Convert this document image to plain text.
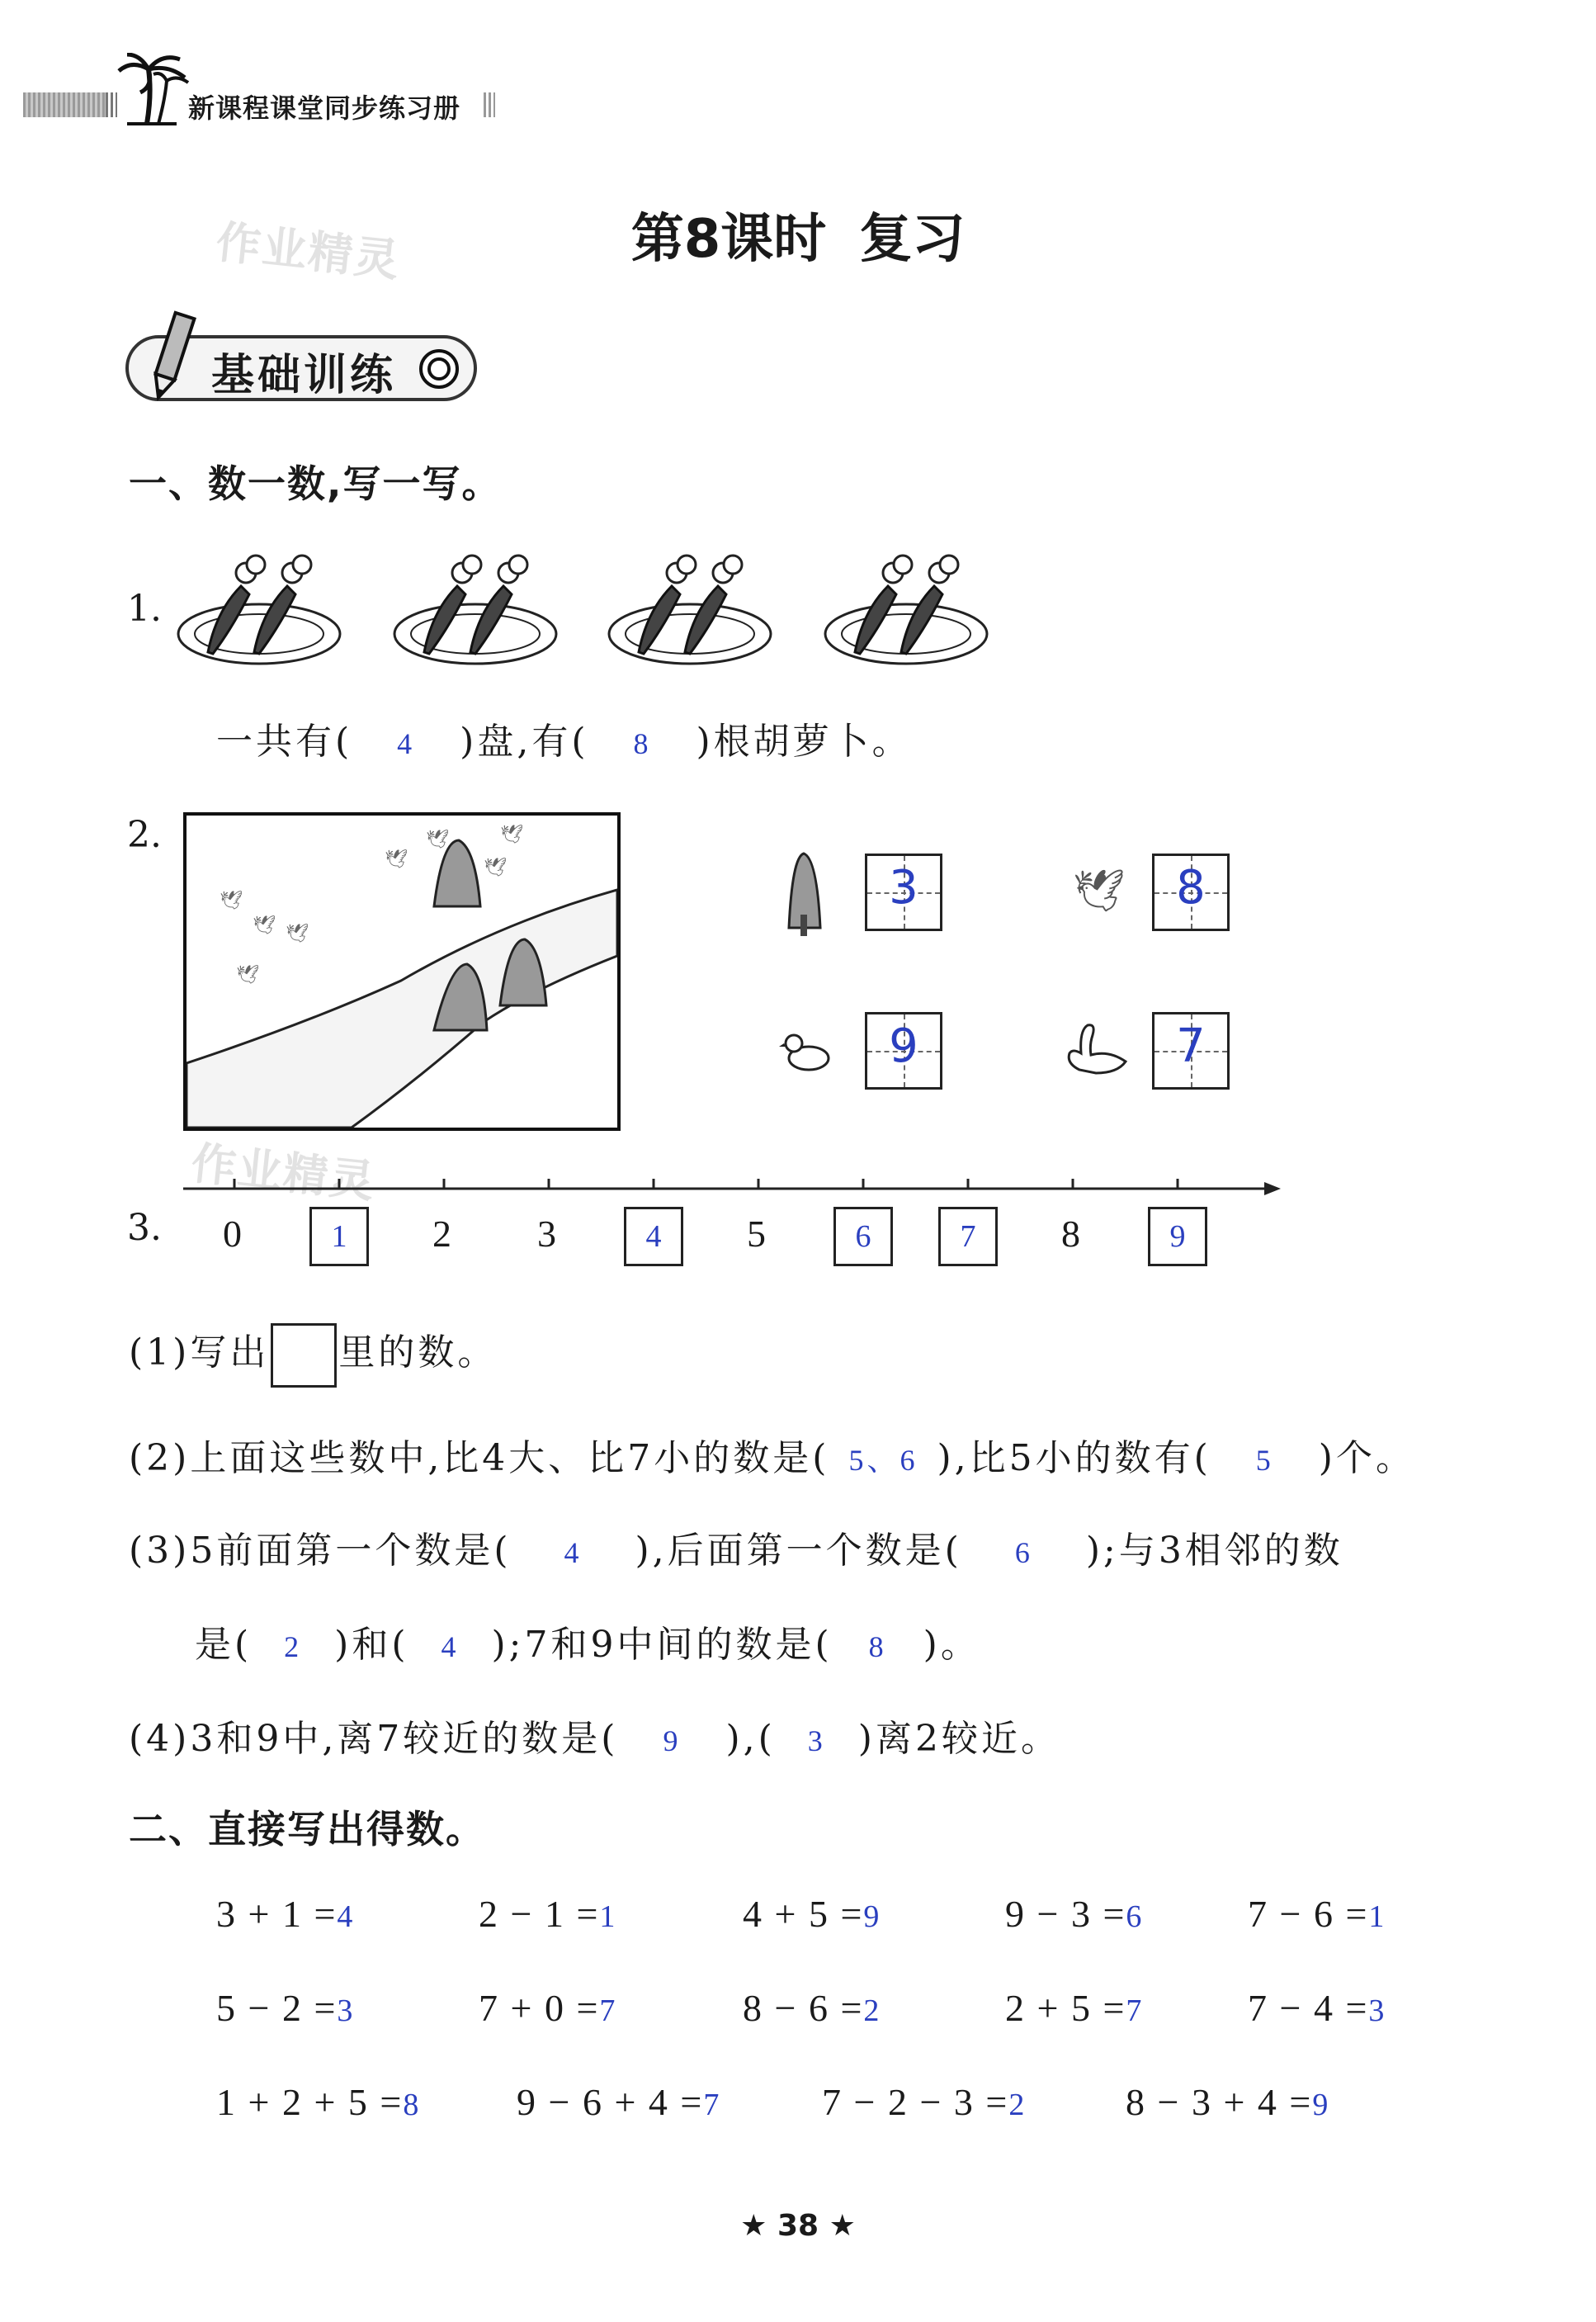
新课程课堂同步练习册
第8课时 复习
作业精灵
作业精灵
基础训练
一、数一数,写一写。
1.
一共有( 4 )盘,有( 8 )根胡萝卜。
2.
🕊
🕊 🕊
🕊
🕊
🕊	🕊
🕊	3	🕊	8
9	7
3. 0	1	2 3	4	5	6	7	8	9
(1)写出 里的数。
(2)上面这些数中,比4大、比7小的数是( 5、6 ),比5小的数有( 5 )个。
(3)5前面第一个数是( 4 ),后面第一个数是( 6 );与3相邻的数
是( 2 )和( 4 );7和9中间的数是( 8 )。
(4)3和9中,离7较近的数是( 9 ),( 3 )离2较近。
二、直接写出得数。
3 + 1 =4	2 − 1 =1	4 + 5 =9	9 − 3 =6	7 − 6 =1
5 − 2 =3	7 + 0 =7	8 − 6 =2	2 + 5 =7	7 − 4 =3
1 + 2 + 5 =8	9 − 6 + 4 =7	7 − 2 − 3 =2	8 − 3 + 4 =9
★ 38 ★
